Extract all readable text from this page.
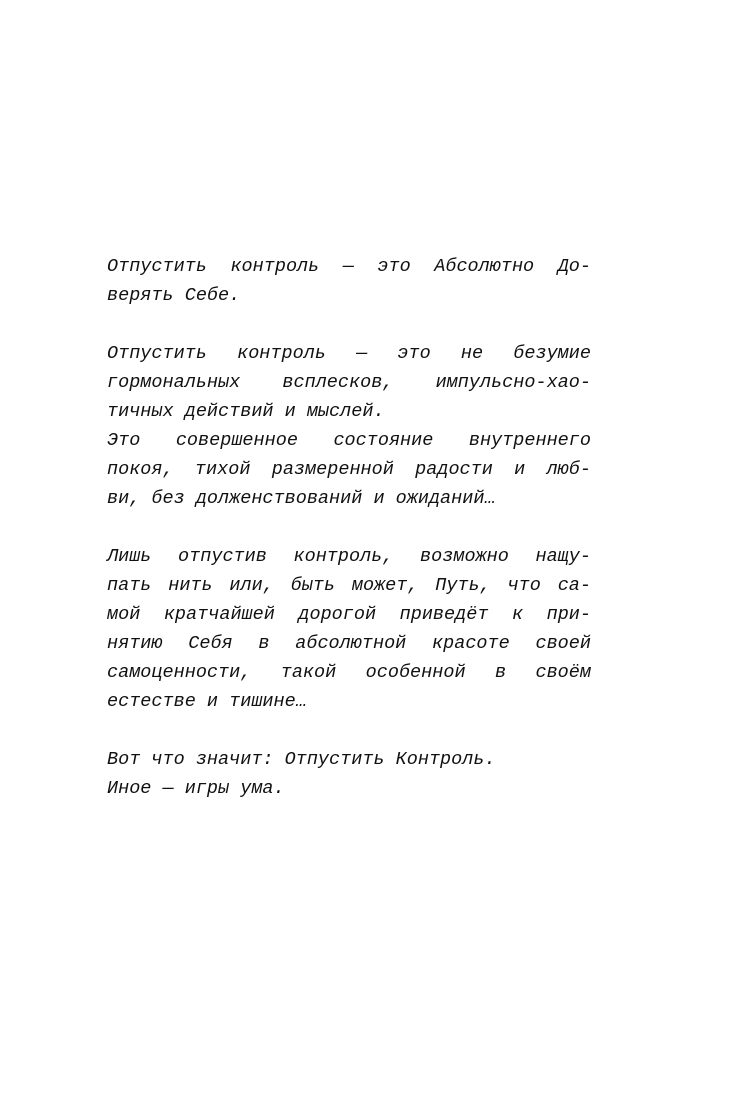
Отпустить контроль — это Абсолютно До-
верять Себе.

Отпустить контроль — это не безумие
гормональных всплесков, импульсно-хао-
тичных действий и мыслей.
Это совершенное состояние внутреннего
покоя, тихой размеренной радости и люб-
ви, без долженствований и ожиданий…

Лишь отпустив контроль, возможно нащу-
пать нить или, быть может, Путь, что са-
мой кратчайшей дорогой приведёт к при-
нятию Себя в абсолютной красоте своей
самоценности, такой особенной в своём
естестве и тишине…

Вот что значит: Отпустить Контроль.
Иное — игры ума.
